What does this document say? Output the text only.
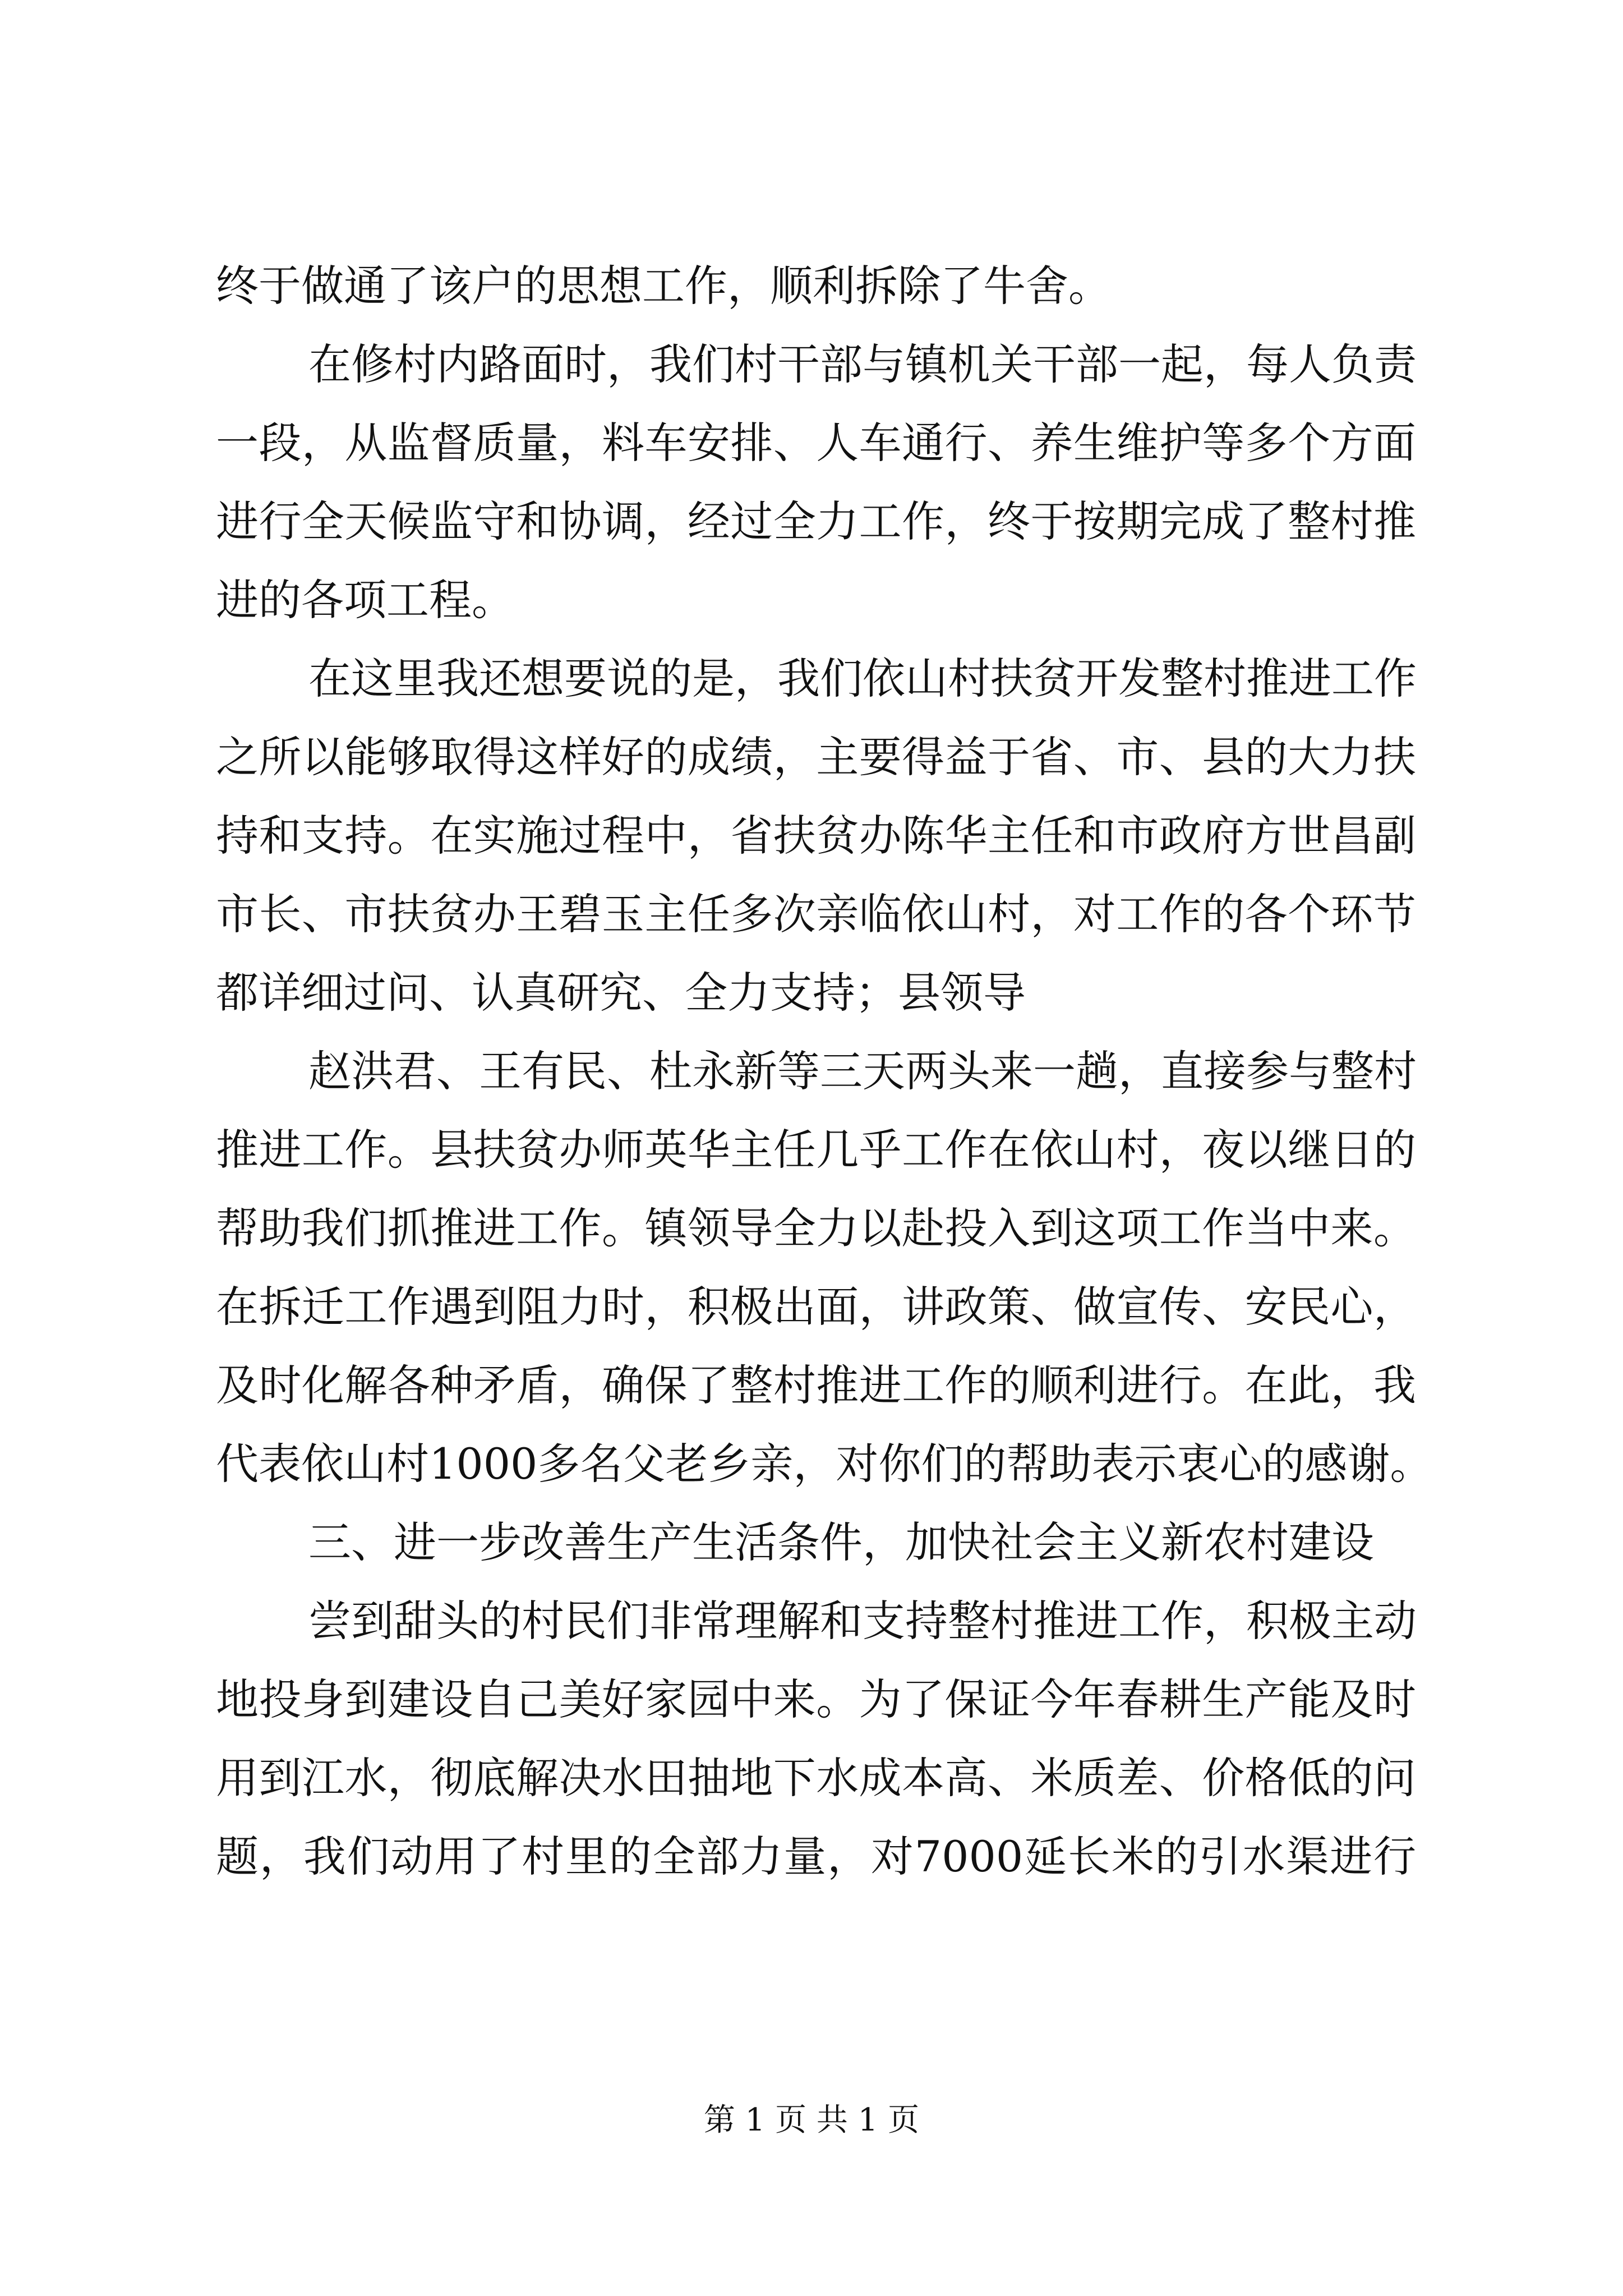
终于做通了该户的思想工作，顺利拆除了牛舍。
在修村内路面时，我们村干部与镇机关干部一起，每人负责
一段，从监督质量，料车安排、人车通行、养生维护等多个方面
进行全天候监守和协调，经过全力工作，终于按期完成了整村推
进的各项工程。
在这里我还想要说的是，我们依山村扶贫开发整村推进工作
之所以能够取得这样好的成绩，主要得益于省、市、县的大力扶
持和支持。在实施过程中，省扶贫办陈华主任和市政府方世昌副
市长、市扶贫办王碧玉主任多次亲临依山村，对工作的各个环节
都详细过问、认真研究、全力支持；县领导
赵洪君、王有民、杜永新等三天两头来一趟，直接参与整村
推进工作。县扶贫办师英华主任几乎工作在依山村，夜以继日的
帮助我们抓推进工作。镇领导全力以赴投入到这项工作当中来。
在拆迁工作遇到阻力时，积极出面，讲政策、做宣传、安民心，
及时化解各种矛盾，确保了整村推进工作的顺利进行。在此，我
代表依山村1000多名父老乡亲，对你们的帮助表示衷心的感谢。
三、进一步改善生产生活条件，加快社会主义新农村建设
尝到甜头的村民们非常理解和支持整村推进工作，积极主动
地投身到建设自己美好家园中来。为了保证今年春耕生产能及时
用到江水，彻底解决水田抽地下水成本高、米质差、价格低的问
题，我们动用了村里的全部力量，对7000延长米的引水渠进行
第 1 页 共 1 页
